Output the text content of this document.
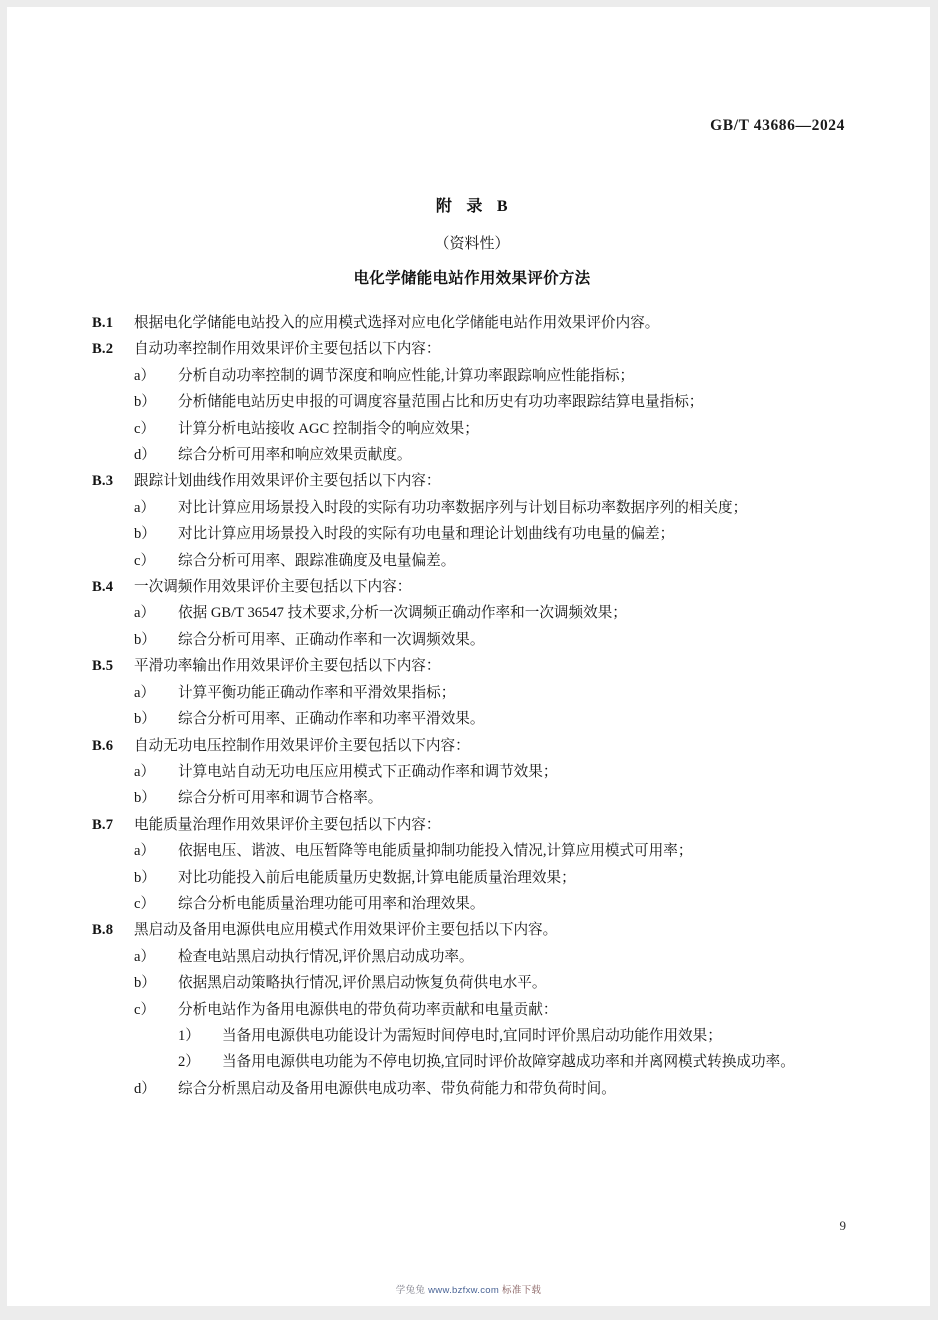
GB/T 43686—2024
附 录 B
（资料性）
电化学储能电站作用效果评价方法
B.1	根据电化学储能电站投入的应用模式选择对应电化学储能电站作用效果评价内容。
B.2	自动功率控制作用效果评价主要包括以下内容：
a）	分析自动功率控制的调节深度和响应性能,计算功率跟踪响应性能指标；
b）	分析储能电站历史申报的可调度容量范围占比和历史有功功率跟踪结算电量指标；
c）	计算分析电站接收 AGC 控制指令的响应效果；
d）	综合分析可用率和响应效果贡献度。
B.3	跟踪计划曲线作用效果评价主要包括以下内容：
a）	对比计算应用场景投入时段的实际有功功率数据序列与计划目标功率数据序列的相关度；
b）	对比计算应用场景投入时段的实际有功电量和理论计划曲线有功电量的偏差；
c）	综合分析可用率、跟踪准确度及电量偏差。
B.4	一次调频作用效果评价主要包括以下内容：
a）	依据 GB/T 36547 技术要求,分析一次调频正确动作率和一次调频效果；
b）	综合分析可用率、正确动作率和一次调频效果。
B.5	平滑功率输出作用效果评价主要包括以下内容：
a）	计算平衡功能正确动作率和平滑效果指标；
b）	综合分析可用率、正确动作率和功率平滑效果。
B.6	自动无功电压控制作用效果评价主要包括以下内容：
a）	计算电站自动无功电压应用模式下正确动作率和调节效果；
b）	综合分析可用率和调节合格率。
B.7	电能质量治理作用效果评价主要包括以下内容：
a）	依据电压、谐波、电压暂降等电能质量抑制功能投入情况,计算应用模式可用率；
b）	对比功能投入前后电能质量历史数据,计算电能质量治理效果；
c）	综合分析电能质量治理功能可用率和治理效果。
B.8	黑启动及备用电源供电应用模式作用效果评价主要包括以下内容。
a）	检查电站黑启动执行情况,评价黑启动成功率。
b）	依据黑启动策略执行情况,评价黑启动恢复负荷供电水平。
c）	分析电站作为备用电源供电的带负荷功率贡献和电量贡献：
1）	当备用电源供电功能设计为需短时间停电时,宜同时评价黑启动功能作用效果；
2）	当备用电源供电功能为不停电切换,宜同时评价故障穿越成功率和并离网模式转换成功率。
d）	综合分析黑启动及备用电源供电成功率、带负荷能力和带负荷时间。
9
学兔兔 www.bzfxw.com 标准下载
